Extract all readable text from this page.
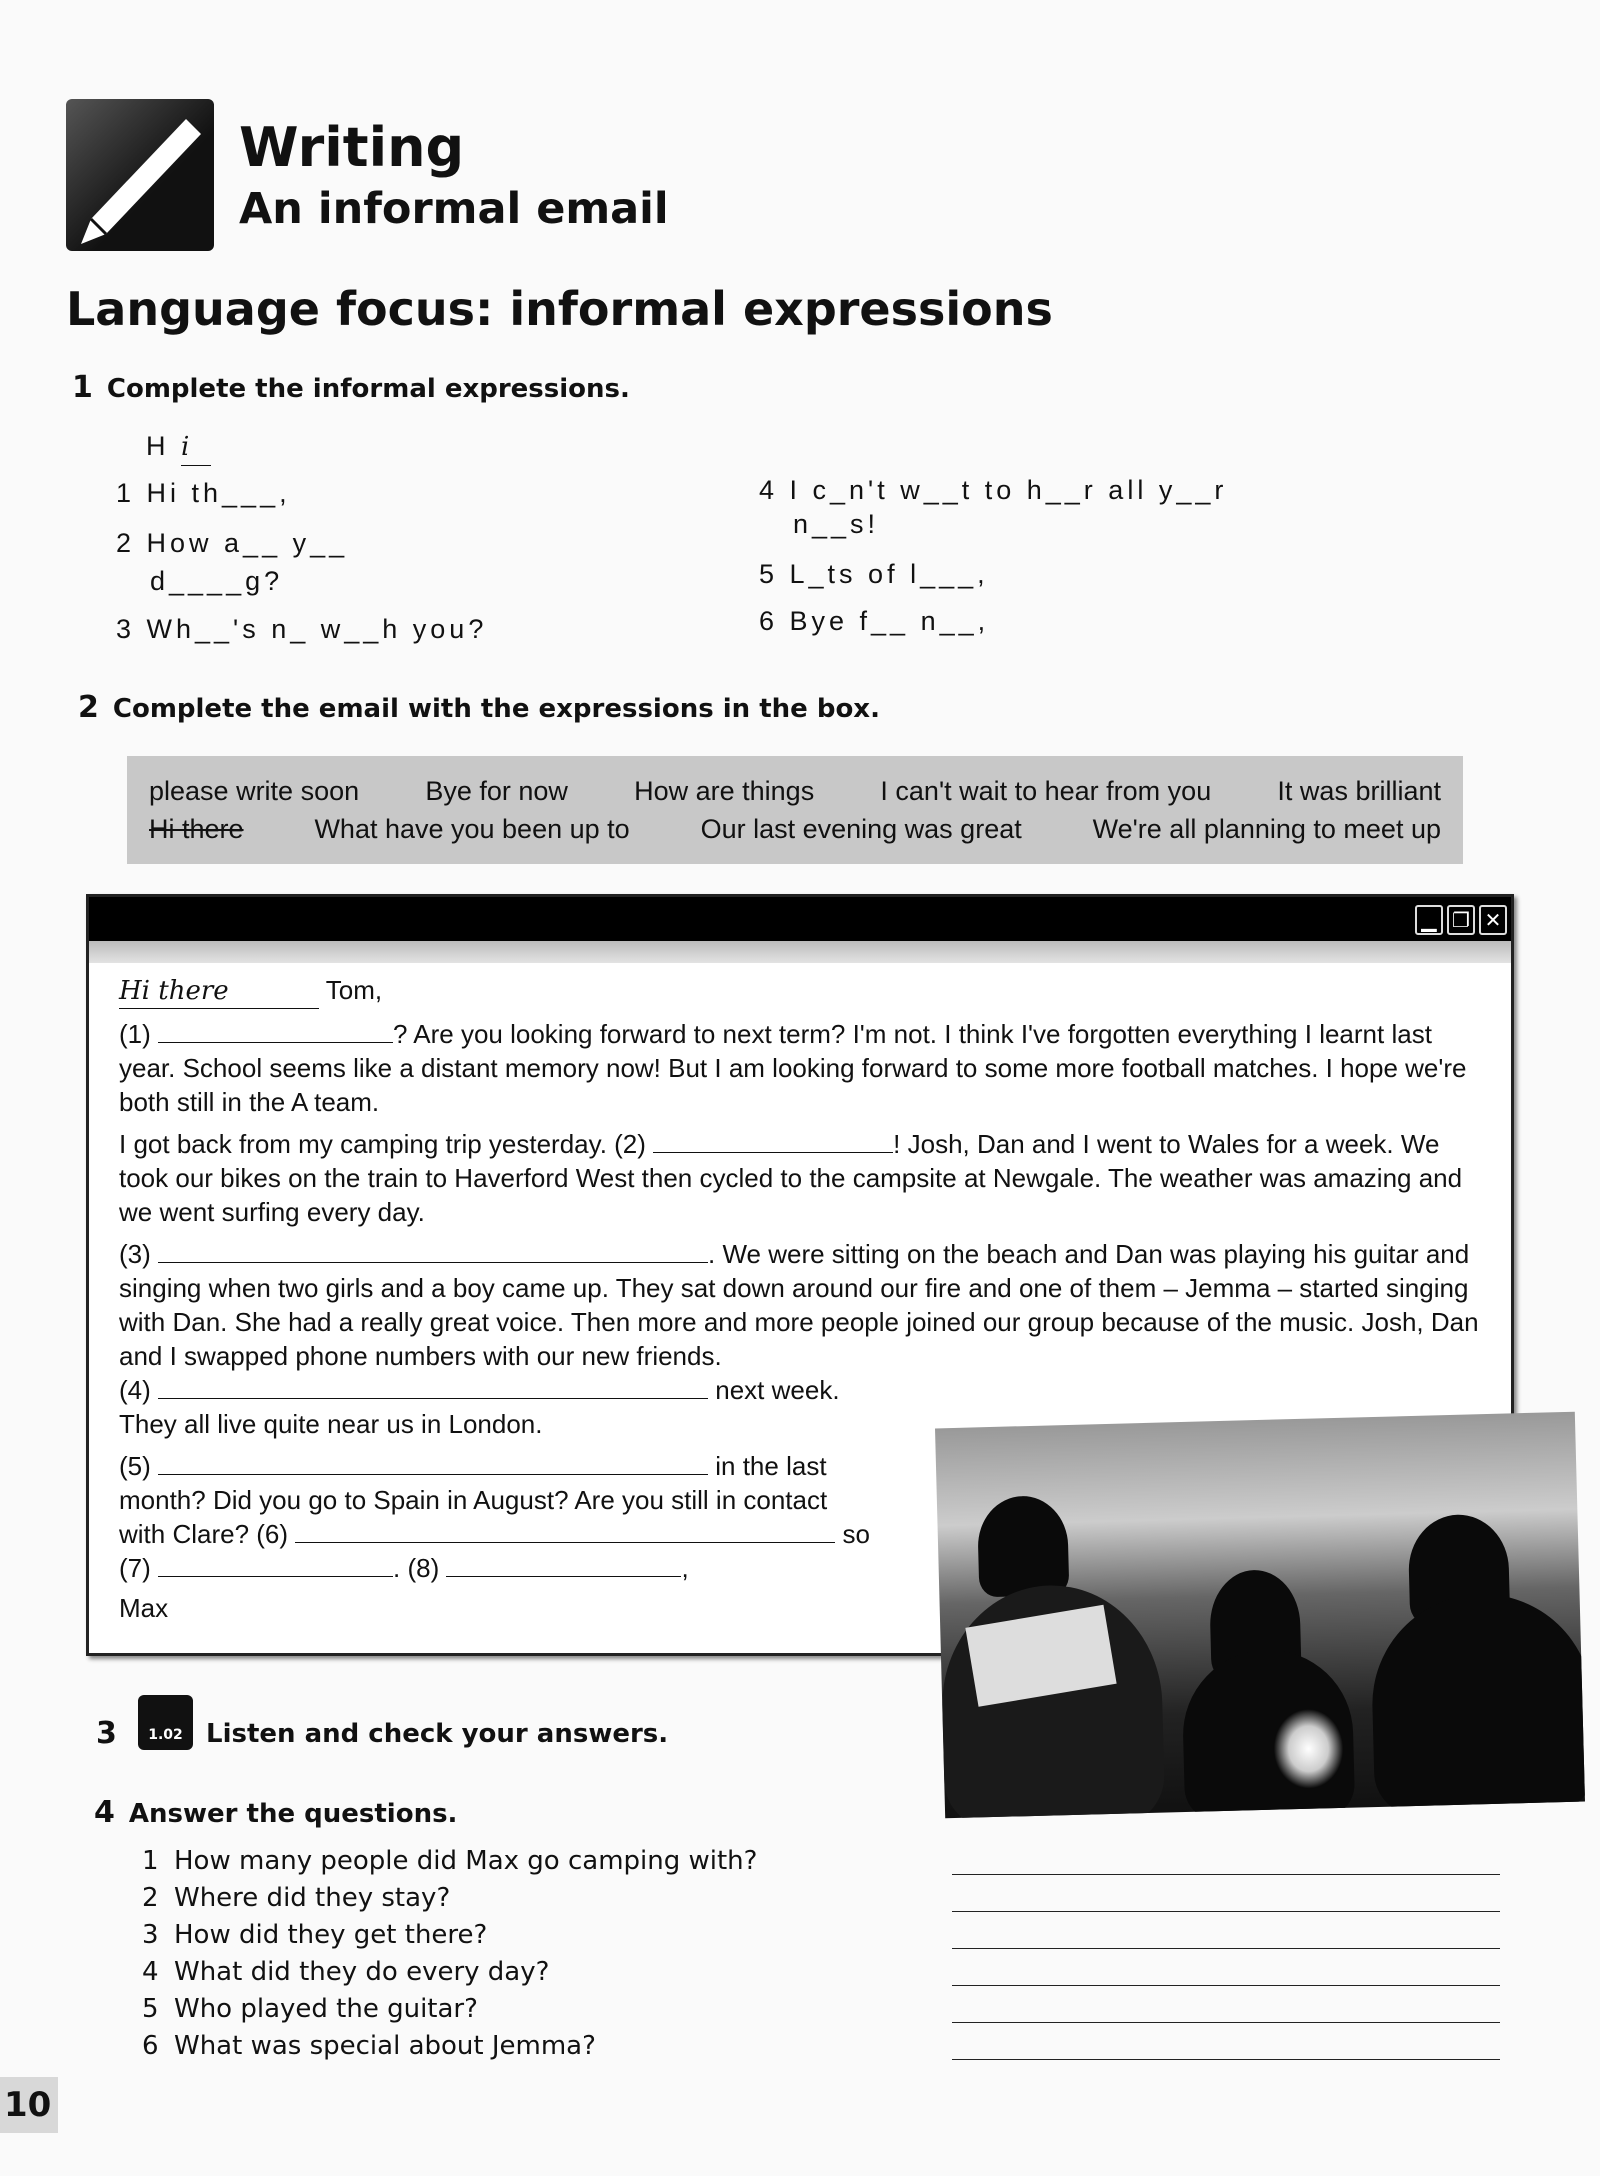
Writing
An informal email
Language focus: informal expressions
1 Complete the informal expressions.
H i
1 Hi th___,
2 How a__ y__
d____g?
3 Wh__'s n_ w__h you?
4 I c_n't w__t to h__r all y__r
n__s!
5 L_ts of l___,
6 Bye f__ n__,
2 Complete the email with the expressions in the box.
please write soon Bye for now How are things I can't wait to hear from you It was brilliant
Hi there	What have you been up to	Our last evening was great	We're all planning to meet up
▁ ❐ ✕

Hi there	Tom,

(1)	? Are you looking forward to next term? I'm not. I think I've forgotten everything I learnt last year. School seems like a distant memory now! But I am looking forward to some more football matches. I hope we're both still in the A team.

I got back from my camping trip yesterday. (2)	! Josh, Dan and I went to Wales for a week. We took our bikes on the train to Haverford West then cycled to the campsite at Newgale. The weather was amazing and we went surfing every day.

(3)	. We were sitting on the beach and Dan was playing his guitar and singing when two girls and a boy came up. They sat down around our fire and one of them – Jemma – started singing with Dan. She had a really great voice. Then more and more people joined our group because of the music. Josh, Dan and I swapped phone numbers with our new friends.

(4)	next week.

They all live quite near us in London.

(5)	in the last
month? Did you go to Spain in August? Are you still in contact
with Clare? (6)	so
(7)	. (8)	,
Max
3	1.02 Listen and check your answers.
4 Answer the questions.
1 How many people did Max go camping with?
2 Where did they stay?
3 How did they get there?
4 What did they do every day?
5 Who played the guitar?
6 What was special about Jemma?
10
